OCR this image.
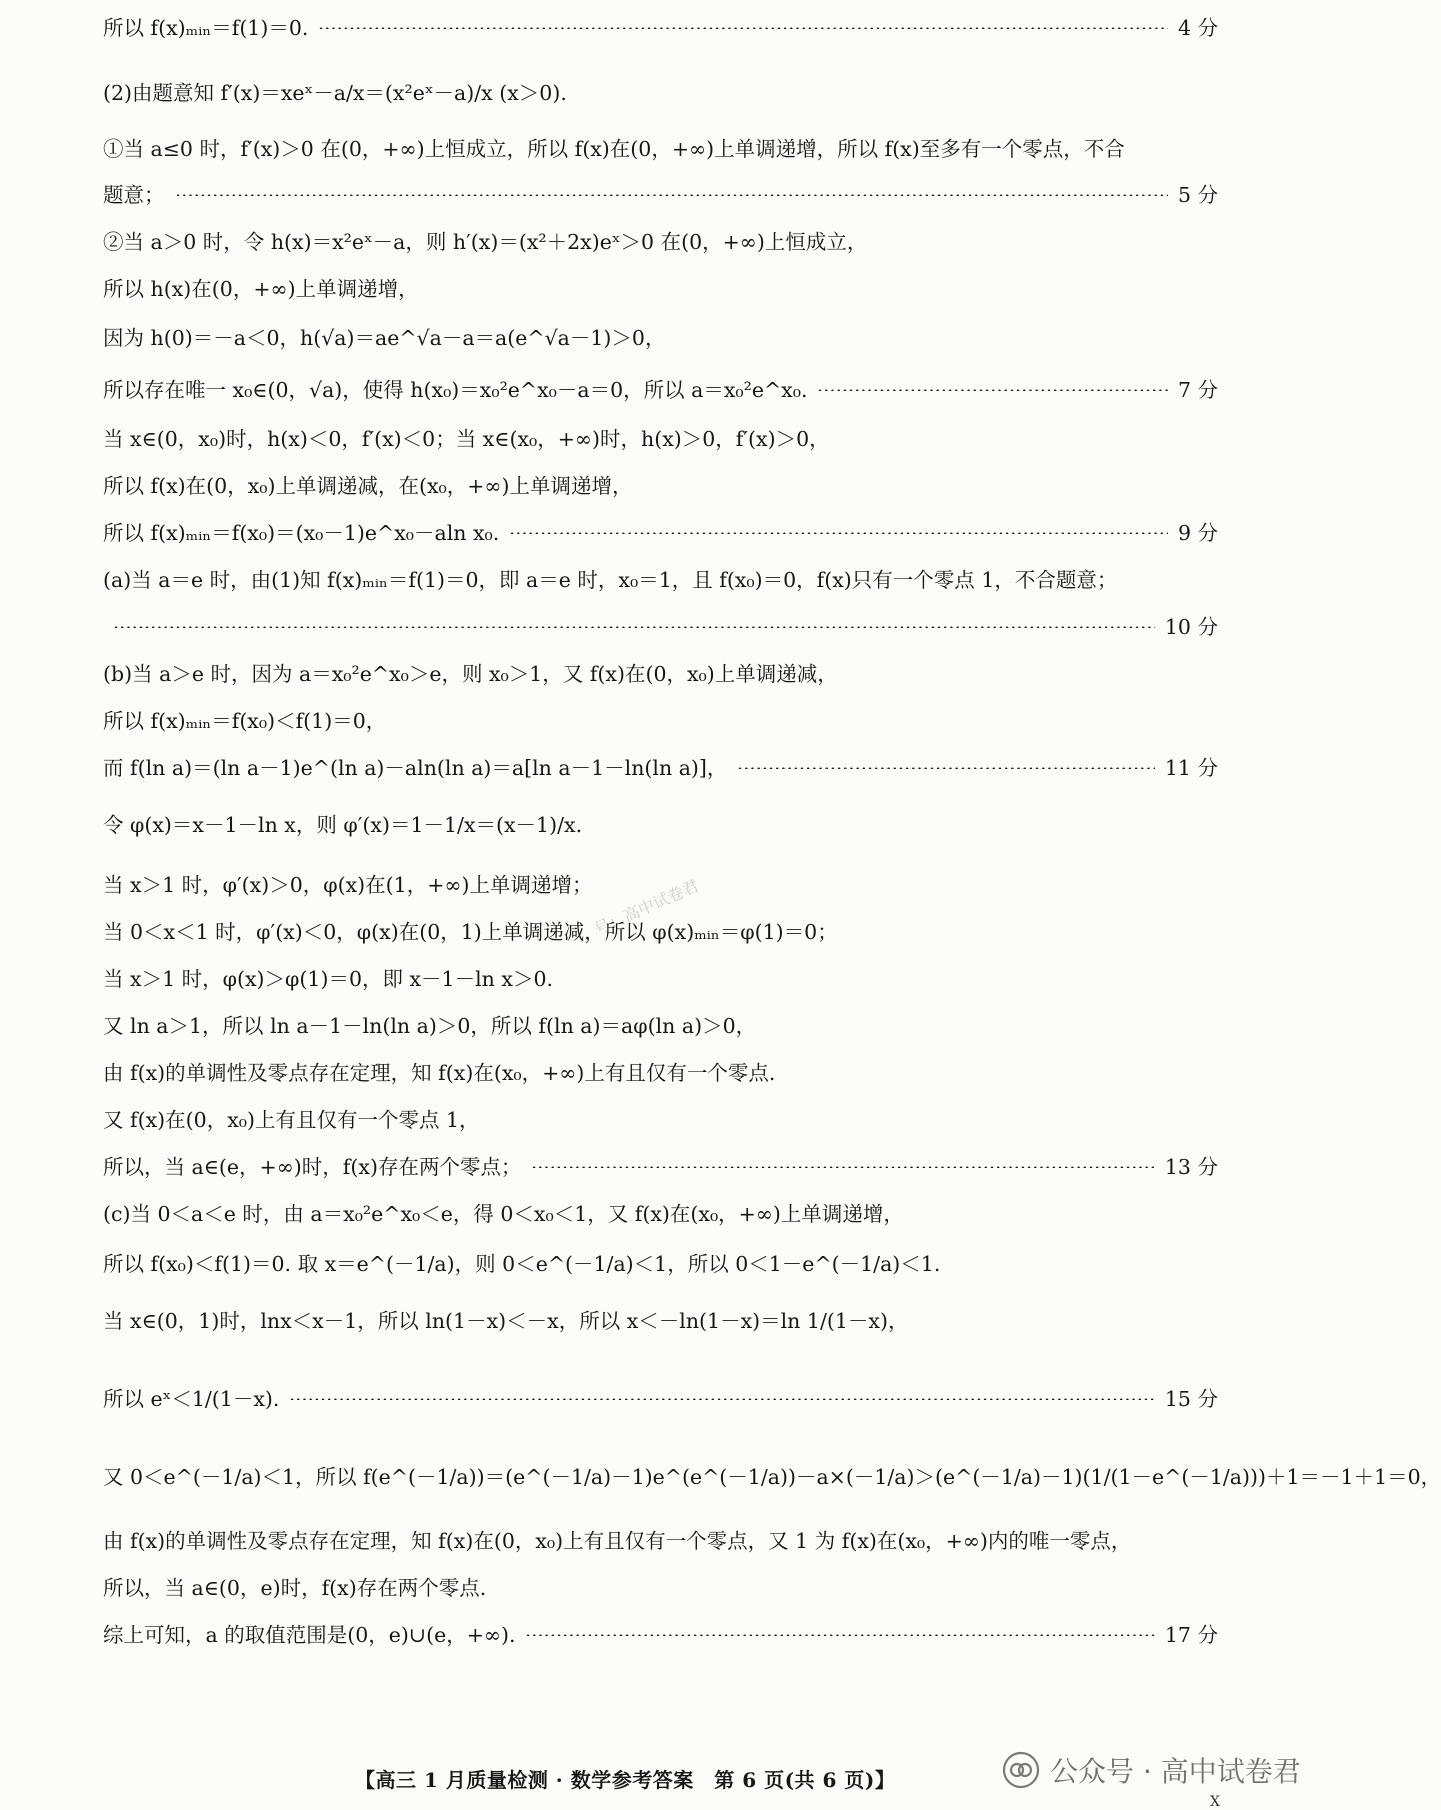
所以 f(x)ₘᵢₙ＝f(1)＝0.	4 分
(2)由题意知 f′(x)＝xeˣ－a/x＝(x²eˣ－a)/x (x＞0).
①当 a≤0 时，f′(x)＞0 在(0，+∞)上恒成立，所以 f(x)在(0，+∞)上单调递增，所以 f(x)至多有一个零点，不合
题意；	5 分
②当 a＞0 时，令 h(x)＝x²eˣ－a，则 h′(x)＝(x²＋2x)eˣ＞0 在(0，+∞)上恒成立，
所以 h(x)在(0，+∞)上单调递增，
因为 h(0)＝－a＜0，h(√a)＝ae^√a－a＝a(e^√a－1)＞0，
所以存在唯一 x₀∈(0，√a)，使得 h(x₀)＝x₀²e^x₀－a＝0，所以 a＝x₀²e^x₀.	7 分
当 x∈(0，x₀)时，h(x)＜0，f′(x)＜0；当 x∈(x₀，+∞)时，h(x)＞0，f′(x)＞0，
所以 f(x)在(0，x₀)上单调递减，在(x₀，+∞)上单调递增，
所以 f(x)ₘᵢₙ＝f(x₀)＝(x₀－1)e^x₀－aln x₀.	9 分
(a)当 a＝e 时，由(1)知 f(x)ₘᵢₙ＝f(1)＝0，即 a＝e 时，x₀＝1，且 f(x₀)＝0，f(x)只有一个零点 1，不合题意；
10 分
(b)当 a＞e 时，因为 a＝x₀²e^x₀＞e，则 x₀＞1，又 f(x)在(0，x₀)上单调递减，
所以 f(x)ₘᵢₙ＝f(x₀)＜f(1)＝0，
而 f(ln a)＝(ln a－1)e^(ln a)－aln(ln a)＝a[ln a－1－ln(ln a)]，	11 分
令 φ(x)＝x－1－ln x，则 φ′(x)＝1－1/x＝(x－1)/x.
当 x＞1 时，φ′(x)＞0，φ(x)在(1，+∞)上单调递增；
当 0＜x＜1 时，φ′(x)＜0，φ(x)在(0，1)上单调递减，所以 φ(x)ₘᵢₙ＝φ(1)＝0；
当 x＞1 时，φ(x)＞φ(1)＝0，即 x－1－ln x＞0.
又 ln a＞1，所以 ln a－1－ln(ln a)＞0，所以 f(ln a)＝aφ(ln a)＞0，
由 f(x)的单调性及零点存在定理，知 f(x)在(x₀，+∞)上有且仅有一个零点.
又 f(x)在(0，x₀)上有且仅有一个零点 1，
所以，当 a∈(e，+∞)时，f(x)存在两个零点；	13 分
(c)当 0＜a＜e 时，由 a＝x₀²e^x₀＜e，得 0＜x₀＜1，又 f(x)在(x₀，+∞)上单调递增，
所以 f(x₀)＜f(1)＝0. 取 x＝e^(－1/a)，则 0＜e^(－1/a)＜1，所以 0＜1－e^(－1/a)＜1.
当 x∈(0，1)时，lnx＜x－1，所以 ln(1－x)＜－x，所以 x＜－ln(1－x)＝ln 1/(1－x)，
所以 eˣ＜1/(1－x).	15 分
又 0＜e^(－1/a)＜1，所以 f(e^(－1/a))＝(e^(－1/a)－1)e^(e^(－1/a))－a×(－1/a)＞(e^(－1/a)－1)(1/(1－e^(－1/a)))＋1＝－1＋1＝0，
由 f(x)的单调性及零点存在定理，知 f(x)在(0，x₀)上有且仅有一个零点，又 1 为 f(x)在(x₀，+∞)内的唯一零点，
所以，当 a∈(0，e)时，f(x)存在两个零点.
综上可知，a 的取值范围是(0，e)∪(e，+∞).	17 分
号：高中试卷君
【高三 1 月质量检测 · 数学参考答案　第 6 页(共 6 页)】	公众号 · 高中试卷君
X
